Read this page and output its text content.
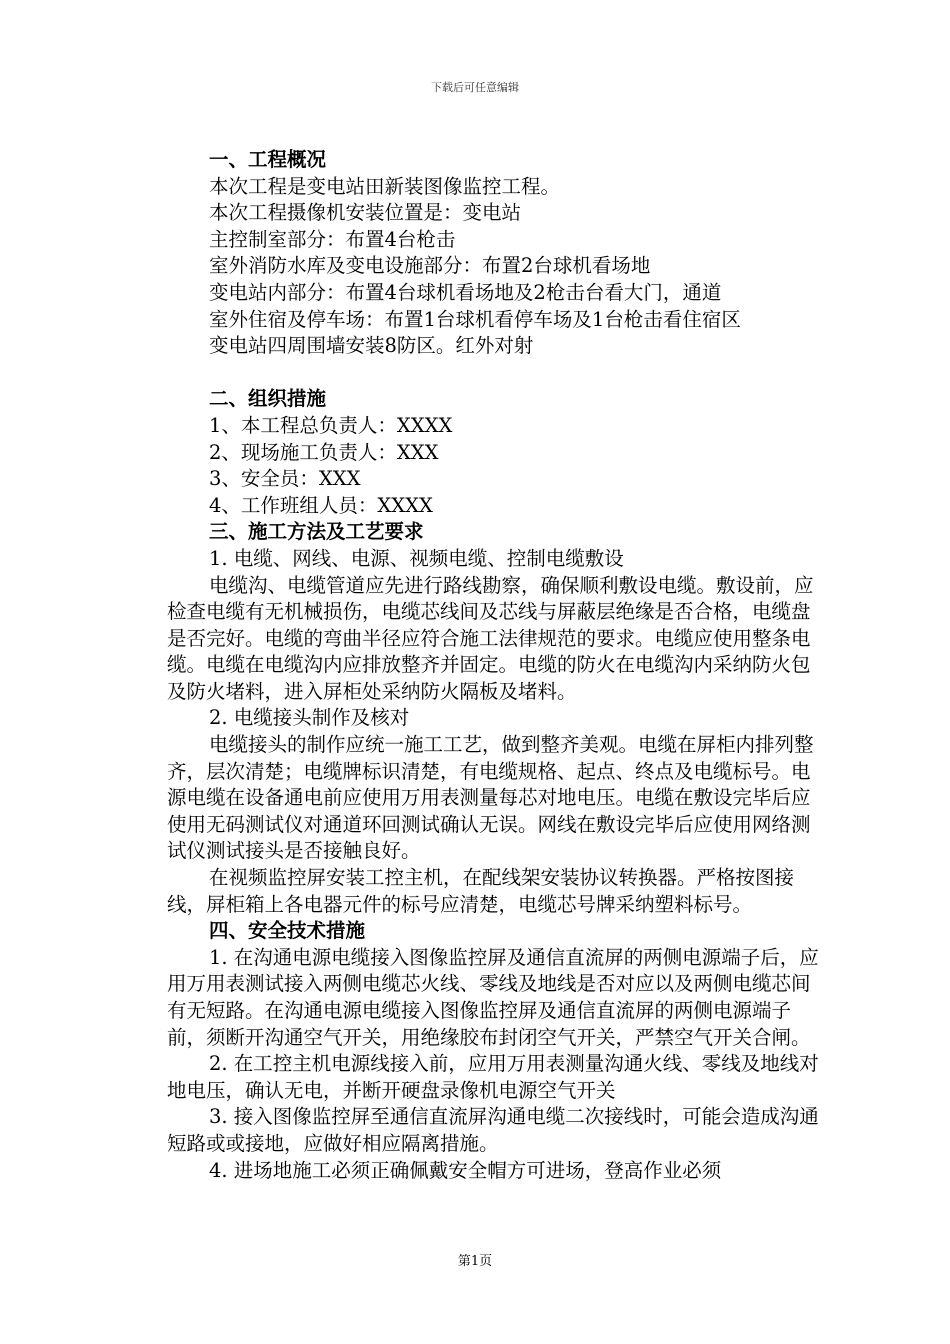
下载后可任意编辑

一、工程概况

本次工程是变电站田新装图像监控工程。

本次工程摄像机安装位置是：变电站

主控制室部分：布置4台枪击

室外消防水库及变电设施部分：布置2台球机看场地

变电站内部分：布置4台球机看场地及2枪击台看大门，通道

室外住宿及停车场：布置1台球机看停车场及1台枪击看住宿区

变电站四周围墙安装8防区。红外对射

二、组织措施

1、本工程总负责人：XXXX

2、现场施工负责人：XXX

3、安全员：XXX

4、工作班组人员：XXXX

三、施工方法及工艺要求

1. 电缆、网线、电源、视频电缆、控制电缆敷设

电缆沟、电缆管道应先进行路线勘察，确保顺利敷设电缆。敷设前，应检查电缆有无机械损伤，电缆芯线间及芯线与屏蔽层绝缘是否合格，电缆盘是否完好。电缆的弯曲半径应符合施工法律规范的要求。电缆应使用整条电缆。电缆在电缆沟内应排放整齐并固定。电缆的防火在电缆沟内采纳防火包及防火堵料，进入屏柜处采纳防火隔板及堵料。

2. 电缆接头制作及核对

电缆接头的制作应统一施工工艺，做到整齐美观。电缆在屏柜内排列整齐，层次清楚；电缆牌标识清楚，有电缆规格、起点、终点及电缆标号。电源电缆在设备通电前应使用万用表测量每芯对地电压。电缆在敷设完毕后应使用无码测试仪对通道环回测试确认无误。网线在敷设完毕后应使用网络测试仪测试接头是否接触良好。

在视频监控屏安装工控主机，在配线架安装协议转换器。严格按图接线，屏柜箱上各电器元件的标号应清楚，电缆芯号牌采纳塑料标号。

四、安全技术措施

1. 在沟通电源电缆接入图像监控屏及通信直流屏的两侧电源端子后，应用万用表测试接入两侧电缆芯火线、零线及地线是否对应以及两侧电缆芯间有无短路。在沟通电源电缆接入图像监控屏及通信直流屏的两侧电源端子前，须断开沟通空气开关，用绝缘胶布封闭空气开关，严禁空气开关合闸。

2. 在工控主机电源线接入前，应用万用表测量沟通火线、零线及地线对地电压，确认无电，并断开硬盘录像机电源空气开关

3. 接入图像监控屏至通信直流屏沟通电缆二次接线时，可能会造成沟通短路或或接地，应做好相应隔离措施。

4. 进场地施工必须正确佩戴安全帽方可进场，登高作业必须

第1页
